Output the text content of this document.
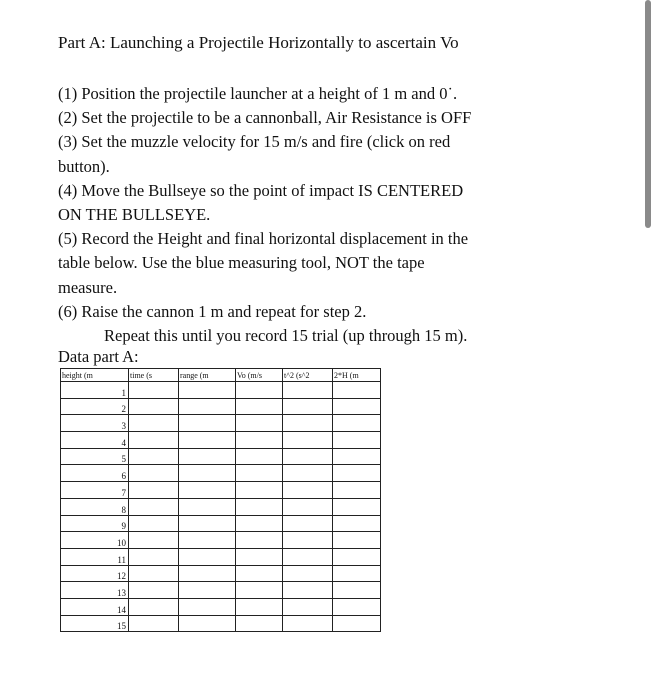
Part A: Launching a Projectile Horizontally to ascertain Vo
(1) Position the projectile launcher at a height of 1 m and 0˙.
(2) Set the projectile to be a cannonball, Air Resistance is OFF
(3) Set the muzzle velocity for 15 m/s and fire (click on red
button).
(4) Move the Bullseye so the point of impact IS CENTERED
ON THE BULLSEYE.
(5) Record the Height and final horizontal displacement in the
table below. Use the blue measuring tool, NOT the tape
measure.
(6) Raise the cannon 1 m and repeat for step 2.
Repeat this until you record 15 trial (up through 15 m).
Data part A:
height (m	time (s	range (m	Vo (m/s	t^2 (s^2	2*H (m
1					
2					
3					
4					
5					
6					
7					
8					
9					
10					
11					
12					
13					
14					
15					
